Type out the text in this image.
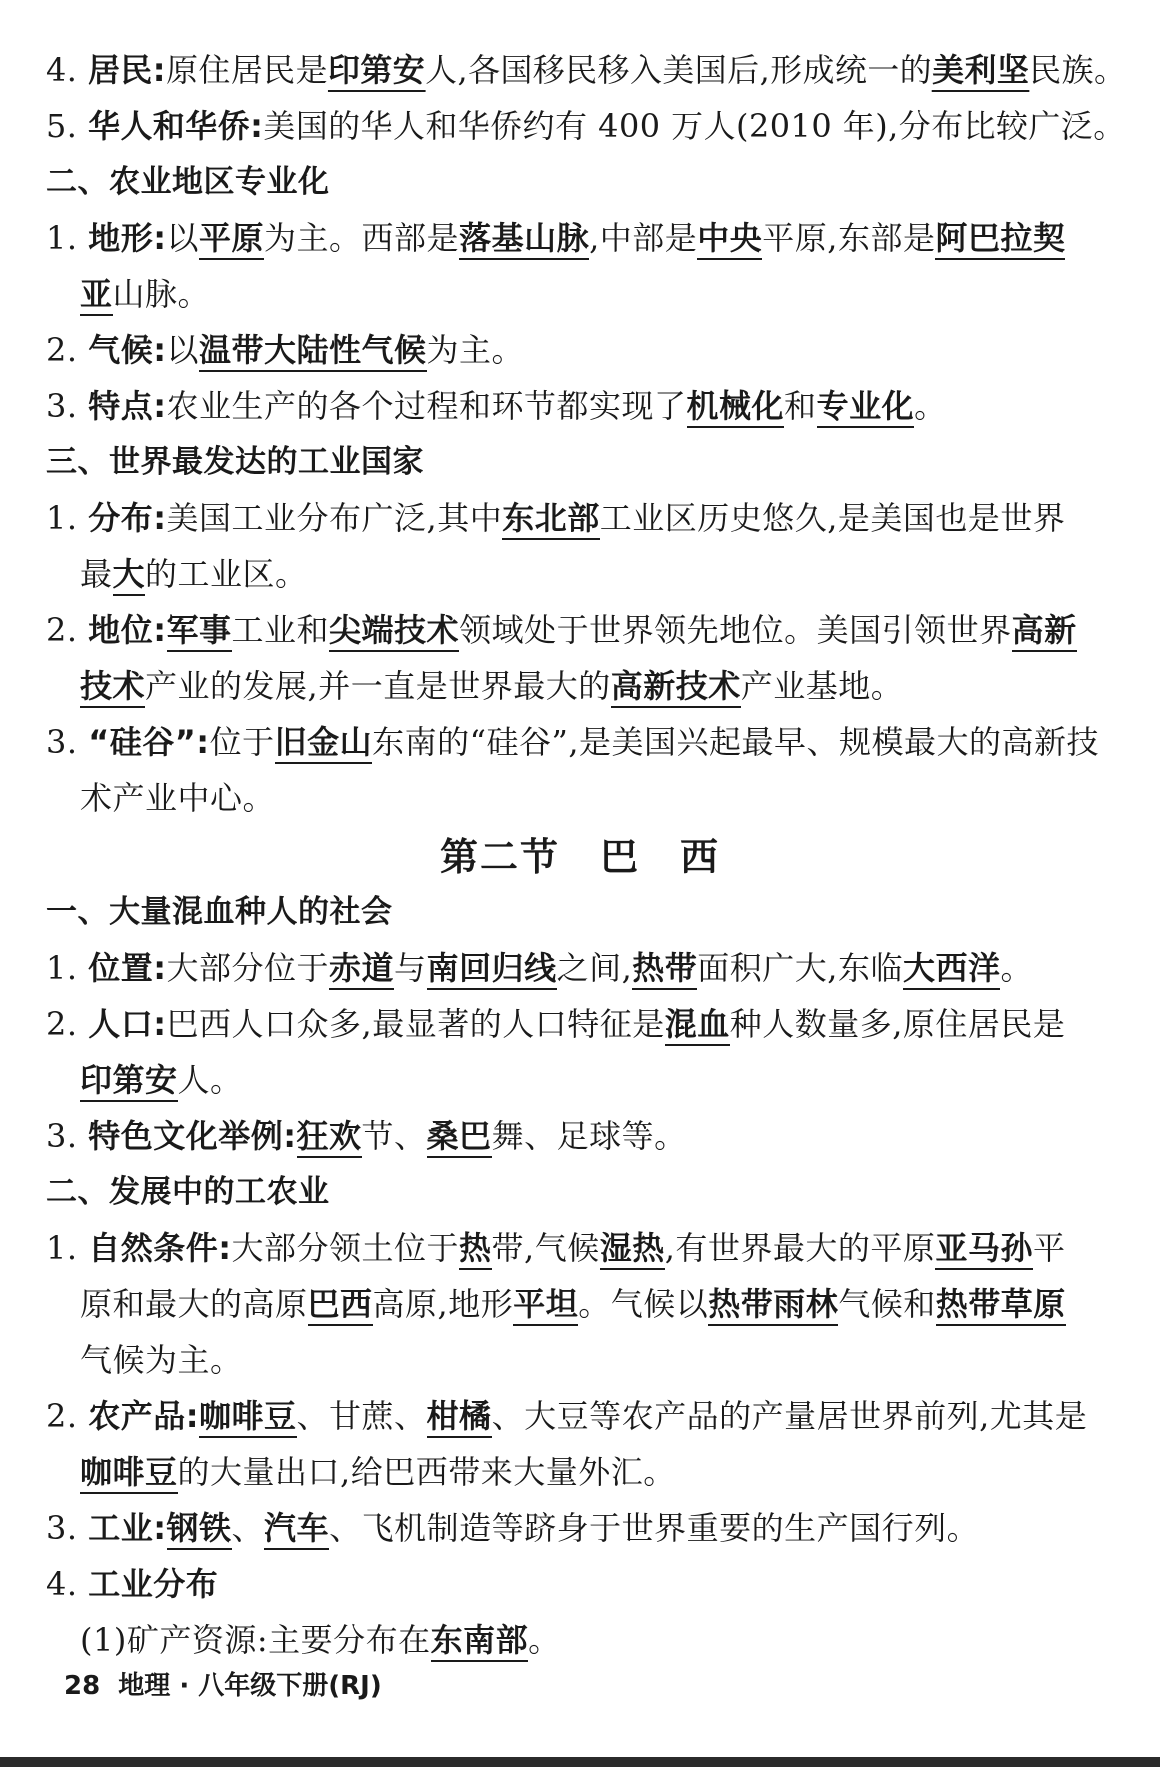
4. 居民:原住居民是印第安人,各国移民移入美国后,形成统一的美利坚民族。
5. 华人和华侨:美国的华人和华侨约有 400 万人(2010 年),分布比较广泛。
二、农业地区专业化
1. 地形:以平原为主。西部是落基山脉,中部是中央平原,东部是阿巴拉契
亚山脉。
2. 气候:以温带大陆性气候为主。
3. 特点:农业生产的各个过程和环节都实现了机械化和专业化。
三、世界最发达的工业国家
1. 分布:美国工业分布广泛,其中东北部工业区历史悠久,是美国也是世界
最大的工业区。
2. 地位:军事工业和尖端技术领域处于世界领先地位。美国引领世界高新
技术产业的发展,并一直是世界最大的高新技术产业基地。
3. “硅谷”:位于旧金山东南的“硅谷”,是美国兴起最早、规模最大的高新技
术产业中心。
一、大量混血种人的社会
1. 位置:大部分位于赤道与南回归线之间,热带面积广大,东临大西洋。
2. 人口:巴西人口众多,最显著的人口特征是混血种人数量多,原住居民是
印第安人。
3. 特色文化举例:狂欢节、桑巴舞、足球等。
二、发展中的工农业
1. 自然条件:大部分领土位于热带,气候湿热,有世界最大的平原亚马孙平
原和最大的高原巴西高原,地形平坦。气候以热带雨林气候和热带草原
气候为主。
2. 农产品:咖啡豆、甘蔗、柑橘、大豆等农产品的产量居世界前列,尤其是
咖啡豆的大量出口,给巴西带来大量外汇。
3. 工业:钢铁、汽车、飞机制造等跻身于世界重要的生产国行列。
4. 工业分布
(1)矿产资源:主要分布在东南部。
第二节　巴　西
28 地理 · 八年级下册(RJ)
